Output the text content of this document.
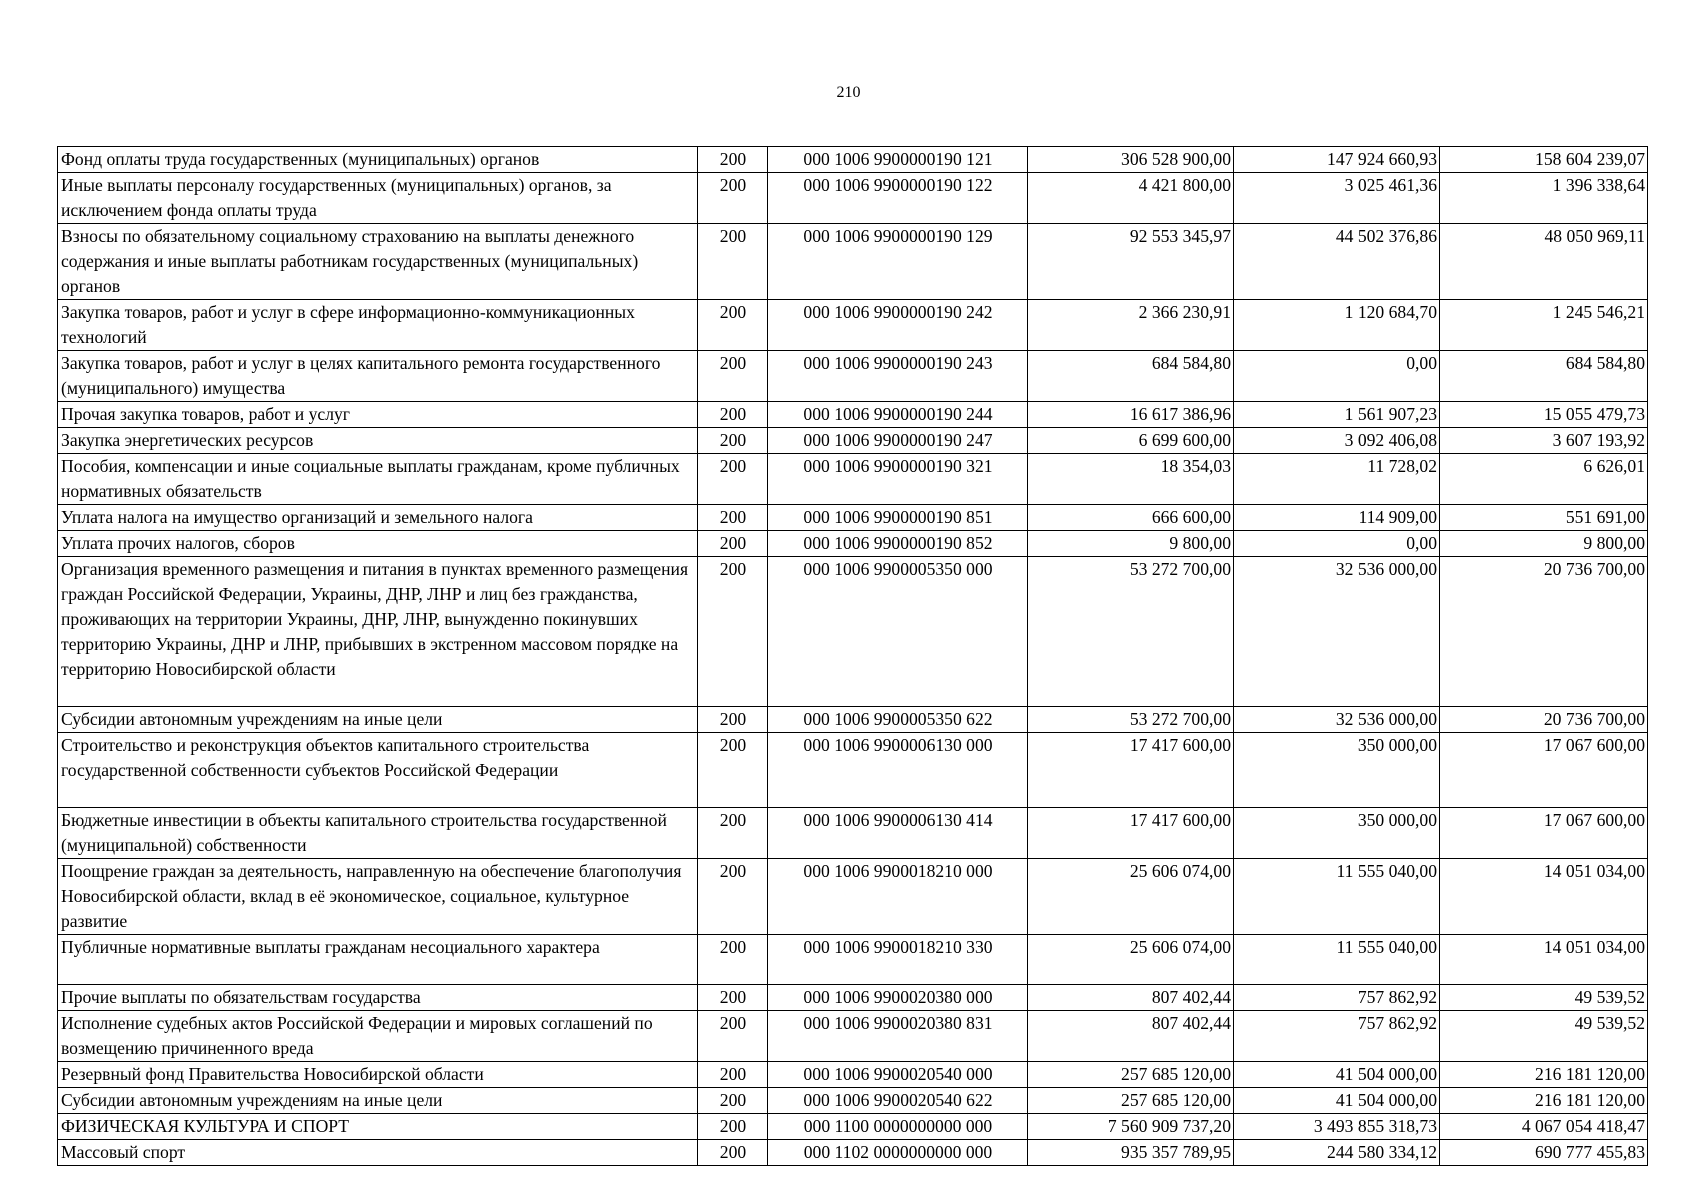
210
Фонд оплаты труда государственных (муниципальных) органов	200	000 1006 9900000190 121	306 528 900,00	147 924 660,93	158 604 239,07
Иные выплаты персоналу государственных (муниципальных) органов, за исключением фонда оплаты труда	200	000 1006 9900000190 122	4 421 800,00	3 025 461,36	1 396 338,64
Взносы по обязательному социальному страхованию на выплаты денежного содержания и иные выплаты работникам государственных (муниципальных) органов	200	000 1006 9900000190 129	92 553 345,97	44 502 376,86	48 050 969,11
Закупка товаров, работ и услуг в сфере информационно-коммуникационных технологий	200	000 1006 9900000190 242	2 366 230,91	1 120 684,70	1 245 546,21
Закупка товаров, работ и услуг в целях капитального ремонта государственного (муниципального) имущества	200	000 1006 9900000190 243	684 584,80	0,00	684 584,80
Прочая закупка товаров, работ и услуг	200	000 1006 9900000190 244	16 617 386,96	1 561 907,23	15 055 479,73
Закупка энергетических ресурсов	200	000 1006 9900000190 247	6 699 600,00	3 092 406,08	3 607 193,92
Пособия, компенсации и иные социальные выплаты гражданам, кроме публичных нормативных обязательств	200	000 1006 9900000190 321	18 354,03	11 728,02	6 626,01
Уплата налога на имущество организаций и земельного налога	200	000 1006 9900000190 851	666 600,00	114 909,00	551 691,00
Уплата прочих налогов, сборов	200	000 1006 9900000190 852	9 800,00	0,00	9 800,00
Организация временного размещения и питания в пунктах временного размещения граждан Российской Федерации, Украины, ДНР, ЛНР и лиц без гражданства, проживающих на территории Украины, ДНР, ЛНР, вынужденно покинувших территорию Украины, ДНР и ЛНР, прибывших в экстренном массовом порядке на территорию Новосибирской области	200	000 1006 9900005350 000	53 272 700,00	32 536 000,00	20 736 700,00
Субсидии автономным учреждениям на иные цели	200	000 1006 9900005350 622	53 272 700,00	32 536 000,00	20 736 700,00
Строительство и реконструкция объектов капитального строительства государственной собственности субъектов Российской Федерации	200	000 1006 9900006130 000	17 417 600,00	350 000,00	17 067 600,00
Бюджетные инвестиции в объекты капитального строительства государственной (муниципальной) собственности	200	000 1006 9900006130 414	17 417 600,00	350 000,00	17 067 600,00
Поощрение граждан за деятельность, направленную на обеспечение благополучия Новосибирской области, вклад в её экономическое, социальное, культурное развитие	200	000 1006 9900018210 000	25 606 074,00	11 555 040,00	14 051 034,00
Публичные нормативные выплаты гражданам несоциального характера	200	000 1006 9900018210 330	25 606 074,00	11 555 040,00	14 051 034,00
Прочие выплаты по обязательствам государства	200	000 1006 9900020380 000	807 402,44	757 862,92	49 539,52
Исполнение судебных актов Российской Федерации и мировых соглашений по возмещению причиненного вреда	200	000 1006 9900020380 831	807 402,44	757 862,92	49 539,52
Резервный фонд Правительства Новосибирской области	200	000 1006 9900020540 000	257 685 120,00	41 504 000,00	216 181 120,00
Субсидии автономным учреждениям на иные цели	200	000 1006 9900020540 622	257 685 120,00	41 504 000,00	216 181 120,00
ФИЗИЧЕСКАЯ КУЛЬТУРА И СПОРТ	200	000 1100 0000000000 000	7 560 909 737,20	3 493 855 318,73	4 067 054 418,47
Массовый спорт	200	000 1102 0000000000 000	935 357 789,95	244 580 334,12	690 777 455,83
